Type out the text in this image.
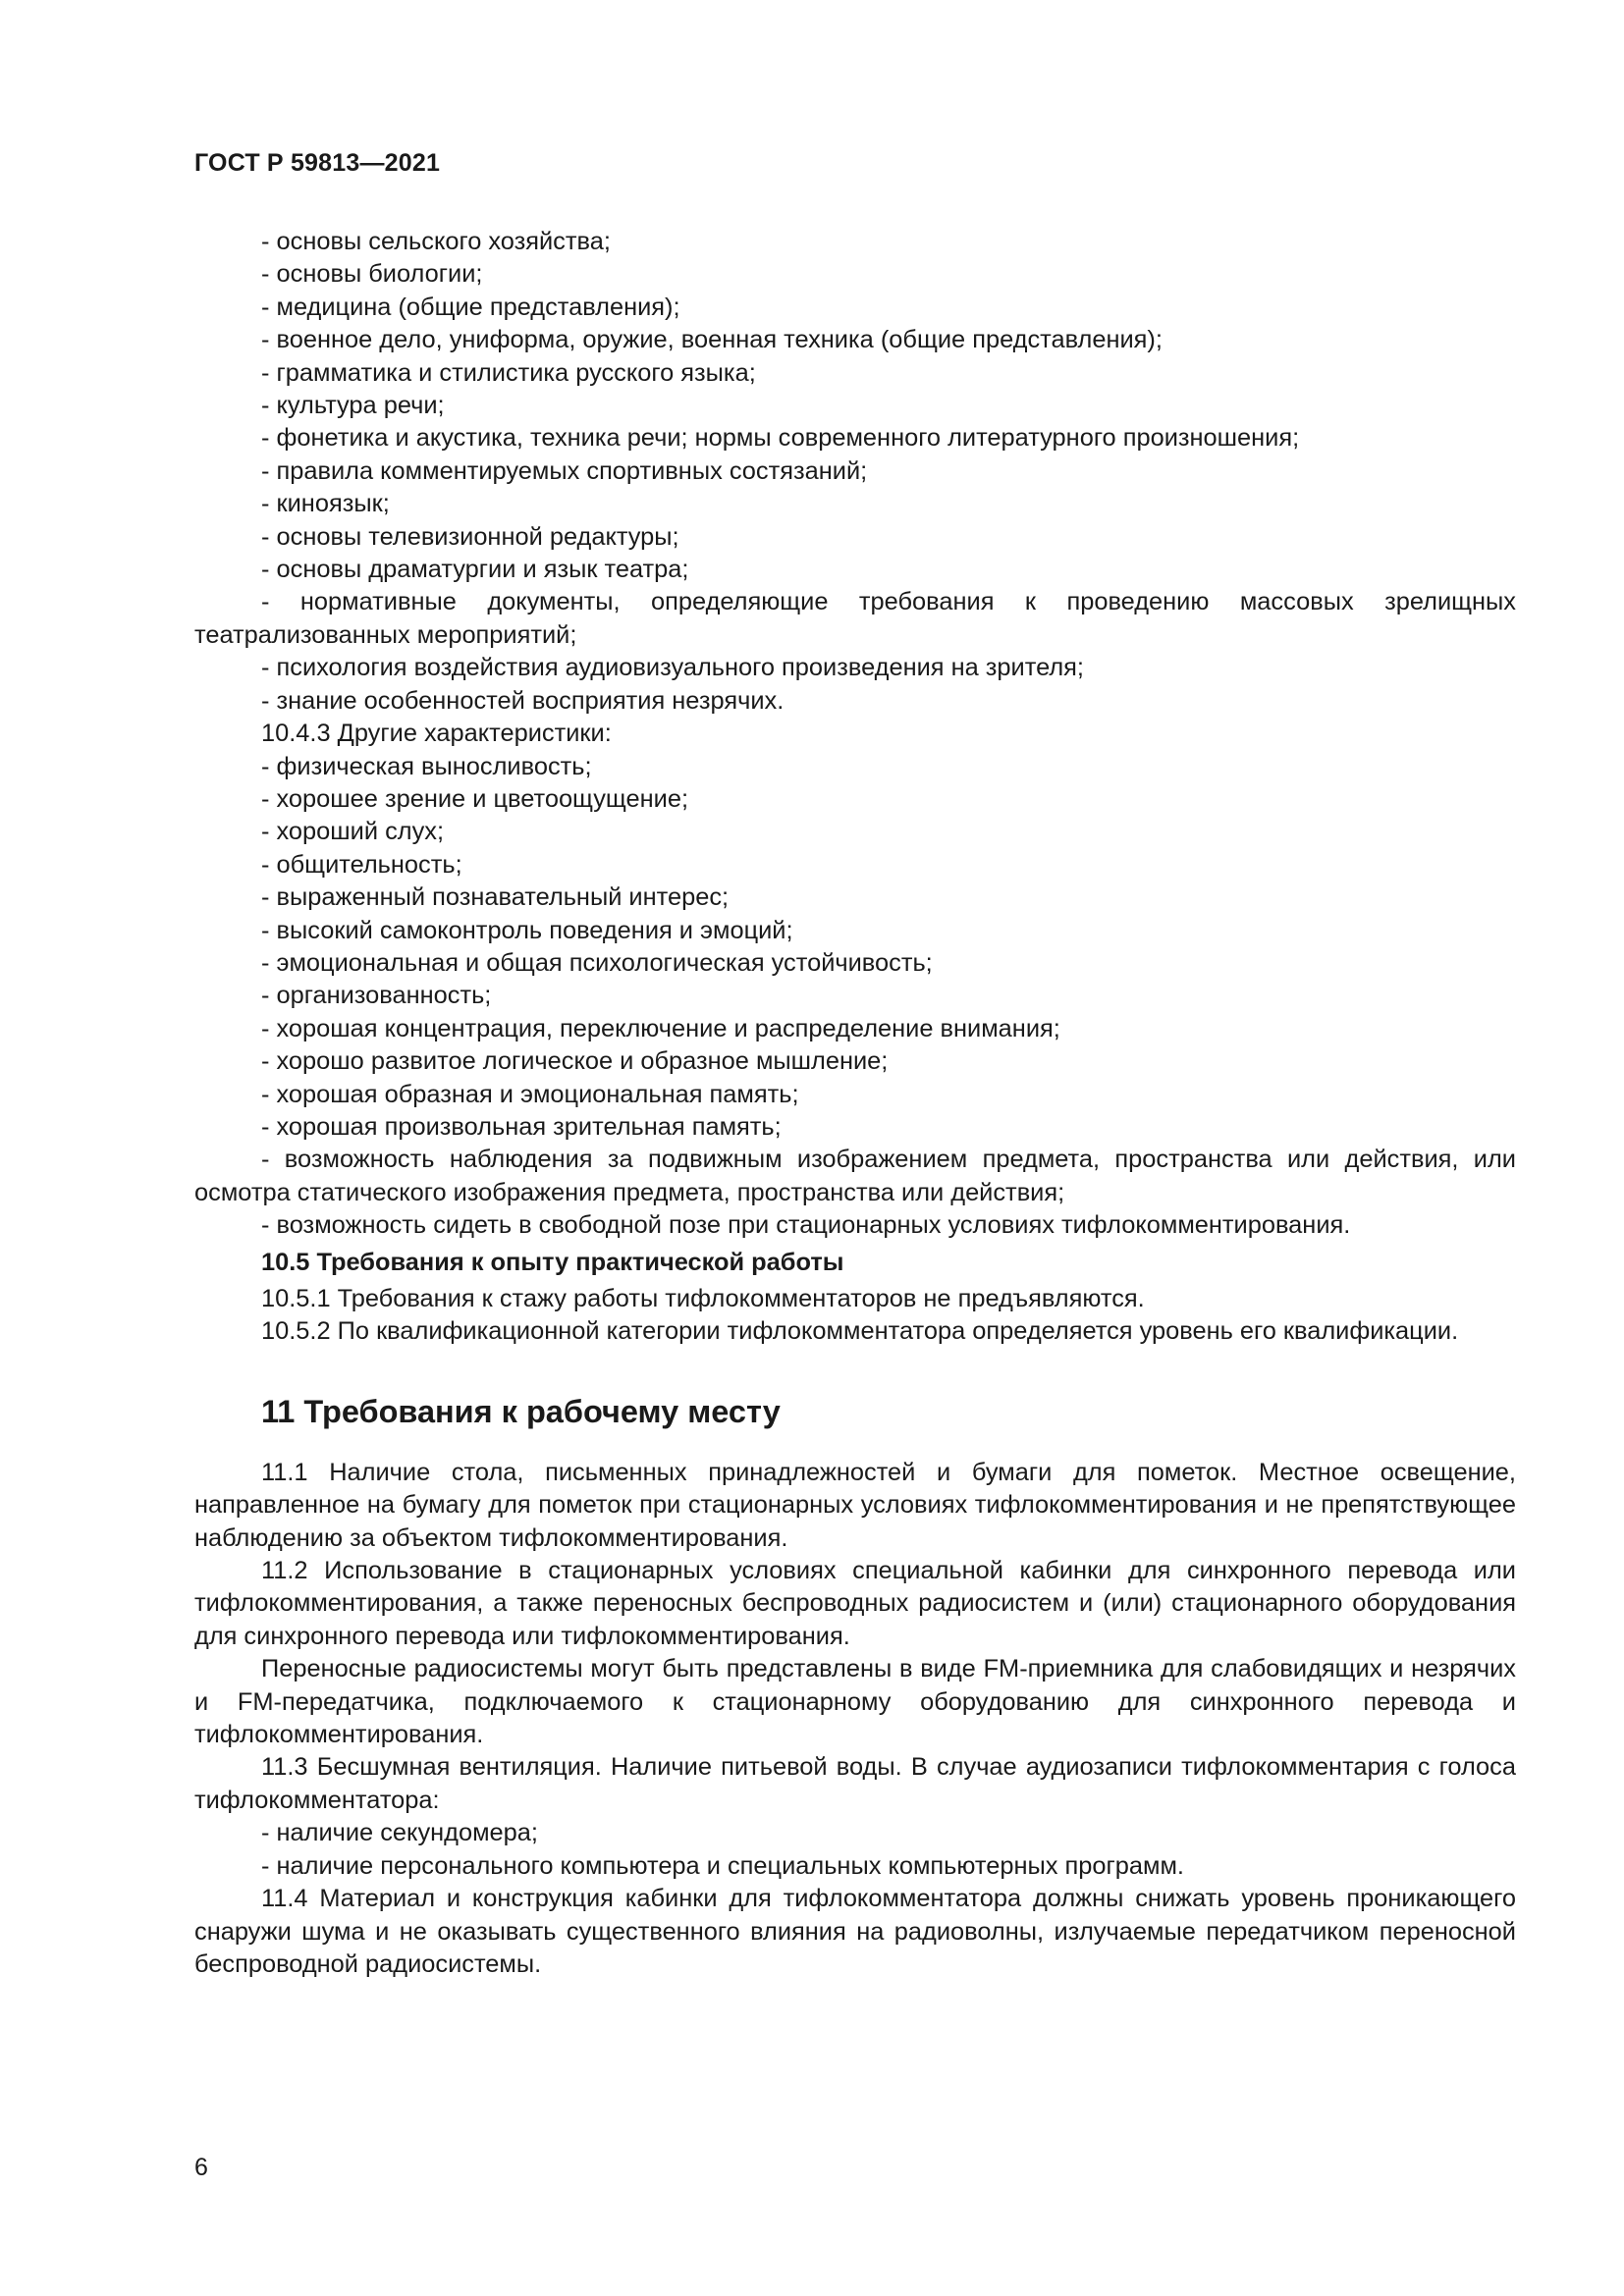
ГОСТ Р 59813—2021

- основы сельского хозяйства;

- основы биологии;

- медицина (общие представления);

- военное дело, униформа, оружие, военная техника (общие представления);

- грамматика и стилистика русского языка;

- культура речи;

- фонетика и акустика, техника речи; нормы современного литературного произношения;

- правила комментируемых спортивных состязаний;

- киноязык;

- основы телевизионной редактуры;

- основы драматургии и язык театра;

- нормативные документы, определяющие требования к проведению массовых зрелищных театрализованных мероприятий;

- психология воздействия аудиовизуального произведения на зрителя;

- знание особенностей восприятия незрячих.

10.4.3 Другие характеристики:

- физическая выносливость;

- хорошее зрение и цветоощущение;

- хороший слух;

- общительность;

- выраженный познавательный интерес;

- высокий самоконтроль поведения и эмоций;

- эмоциональная и общая психологическая устойчивость;

- организованность;

- хорошая концентрация, переключение и распределение внимания;

- хорошо развитое логическое и образное мышление;

- хорошая образная и эмоциональная память;

- хорошая произвольная зрительная память;

- возможность наблюдения за подвижным изображением предмета, пространства или действия, или осмотра статического изображения предмета, пространства или действия;

- возможность сидеть в свободной позе при стационарных условиях тифлокомментирования.

10.5 Требования к опыту практической работы

10.5.1 Требования к стажу работы тифлокомментаторов не предъявляются.

10.5.2 По квалификационной категории тифлокомментатора определяется уровень его квалификации.

11 Требования к рабочему месту

11.1 Наличие стола, письменных принадлежностей и бумаги для пометок. Местное освещение, направленное на бумагу для пометок при стационарных условиях тифлокомментирования и не препятствующее наблюдению за объектом тифлокомментирования.

11.2 Использование в стационарных условиях специальной кабинки для синхронного перевода или тифлокомментирования, а также переносных беспроводных радиосистем и (или) стационарного оборудования для синхронного перевода или тифлокомментирования.

Переносные радиосистемы могут быть представлены в виде FM-приемника для слабовидящих и незрячих и FM-передатчика, подключаемого к стационарному оборудованию для синхронного перевода и тифлокомментирования.

11.3 Бесшумная вентиляция. Наличие питьевой воды. В случае аудиозаписи тифлокомментария с голоса тифлокомментатора:

- наличие секундомера;

- наличие персонального компьютера и специальных компьютерных программ.

11.4 Материал и конструкция кабинки для тифлокомментатора должны снижать уровень проникающего снаружи шума и не оказывать существенного влияния на радиоволны, излучаемые передатчиком переносной беспроводной радиосистемы.

6
